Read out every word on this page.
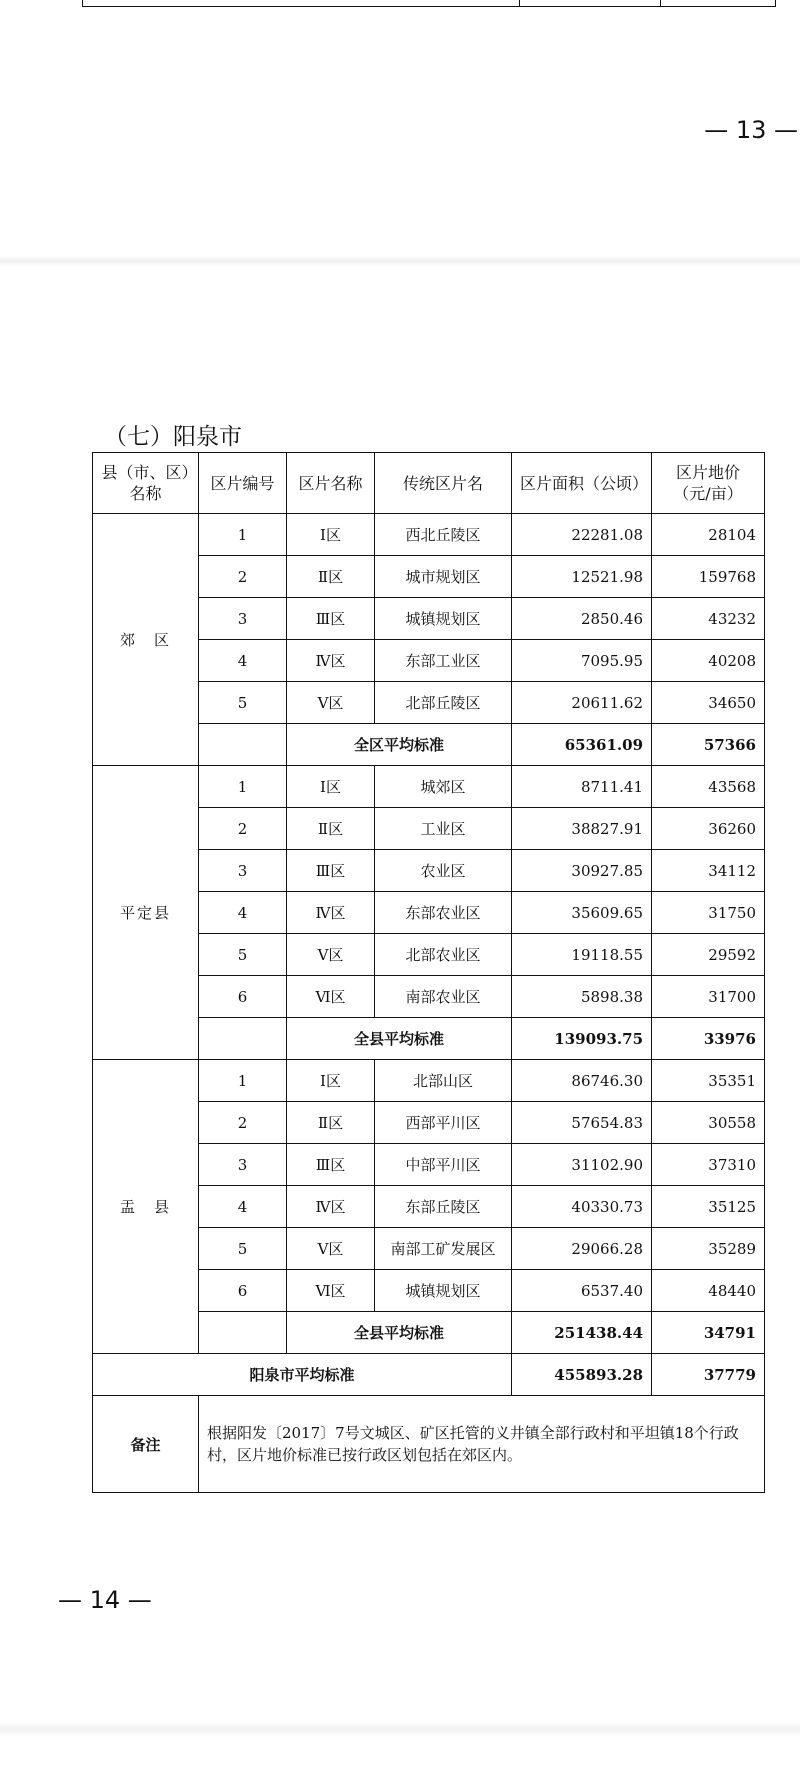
— 13 —
（七）阳泉市
县（市、区）名称	区片编号	区片名称	传统区片名	区片面积（公顷）	区片地价（元/亩）
郊　区	1	Ⅰ区	西北丘陵区	22281.08	28104
	2	Ⅱ区	城市规划区	12521.98	159768
	3	Ⅲ区	城镇规划区	2850.46	43232
	4	Ⅳ区	东部工业区	7095.95	40208
	5	Ⅴ区	北部丘陵区	20611.62	34650
		全区平均标准		65361.09	57366
平定县	1	Ⅰ区	城郊区	8711.41	43568
	2	Ⅱ区	工业区	38827.91	36260
	3	Ⅲ区	农业区	30927.85	34112
	4	Ⅳ区	东部农业区	35609.65	31750
	5	Ⅴ区	北部农业区	19118.55	29592
	6	Ⅵ区	南部农业区	5898.38	31700
		全县平均标准		139093.75	33976
盂　县	1	Ⅰ区	北部山区	86746.30	35351
	2	Ⅱ区	西部平川区	57654.83	30558
	3	Ⅲ区	中部平川区	31102.90	37310
	4	Ⅳ区	东部丘陵区	40330.73	35125
	5	Ⅴ区	南部工矿发展区	29066.28	35289
	6	Ⅵ区	城镇规划区	6537.40	48440
		全县平均标准		251438.44	34791
阳泉市平均标准				455893.28	37779
备注	根据阳发〔2017〕7号文城区、矿区托管的义井镇全部行政村和平坦镇18个行政村，区片地价标准已按行政区划包括在郊区内。				
— 14 —
